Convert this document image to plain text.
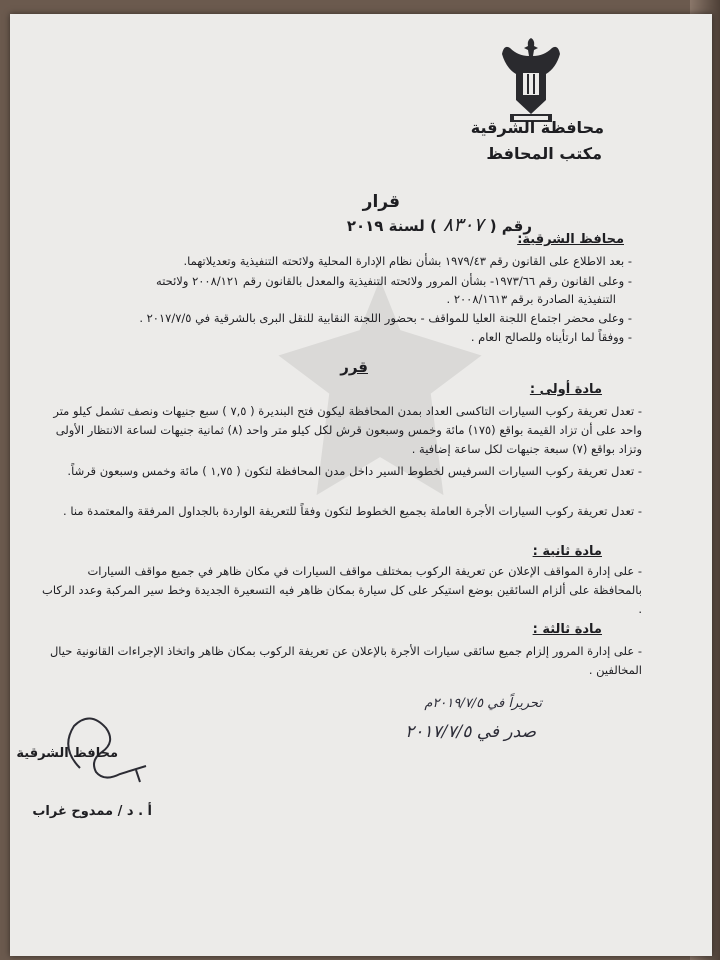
محافظة الشرقية
مكتب المحافظ
قرار
رقم (٨٣٠٧) لسنة ٢٠١٩
محافظ الشرقية:
- بعد الاطلاع على القانون رقم ١٩٧٩/٤٣ بشأن نظام الإدارة المحلية ولائحته التنفيذية وتعديلاتهما.
- وعلى القانون رقم ١٩٧٣/٦٦- بشأن المرور ولائحته التنفيذية والمعدل بالقانون رقم ٢٠٠٨/١٢١ ولائحته
التنفيذية الصادرة برقم ٢٠٠٨/١٦١٣ .
- وعلى محضر اجتماع اللجنة العليا للمواقف - بحضور اللجنة النقابية للنقل البرى بالشرقية في ٢٠١٧/٧/٥ .
- ووفقاً لما ارتأيناه وللصالح العام .
قرر
مادة أولى :
- تعدل تعريفة ركوب السيارات التاكسى العداد بمدن المحافظة ليكون فتح البنديرة ( ٧,٥ ) سبع جنيهات ونصف تشمل كيلو متر واحد على أن تزاد القيمة بواقع (١٧٥) مائة وخمس وسبعون قرش لكل كيلو متر واحد (٨) ثمانية جنيهات لساعة الانتظار الأولى وتزاد بواقع (٧) سبعة جنيهات لكل ساعة إضافية .
- تعدل تعريفة ركوب السيارات السرفيس لخطوط السير داخل مدن المحافظة لتكون ( ١,٧٥ ) مائة وخمس وسبعون قرشاً.
- تعدل تعريفة ركوب السيارات الأجرة العاملة بجميع الخطوط لتكون وفقاً للتعريفة الواردة بالجداول المرفقة والمعتمدة منا .
مادة ثانية :
- على إدارة المواقف الإعلان عن تعريفة الركوب بمختلف مواقف السيارات في مكان ظاهر في جميع مواقف السيارات بالمحافظة على ألزام السائقين بوضع استيكر على كل سيارة بمكان ظاهر فيه التسعيرة الجديدة وخط سير المركبة وعدد الركاب .
مادة ثالثة :
- على إدارة المرور إلزام جميع سائقى سيارات الأجرة بالإعلان عن تعريفة الركوب بمكان ظاهر واتخاذ الإجراءات القانونية حيال المخالفين .
تحريراً في ٢٠١٩/٧/٥م
صدر في ٢٠١٧/٧/٥
محافظ الشرقية
أ . د / ممدوح غراب
